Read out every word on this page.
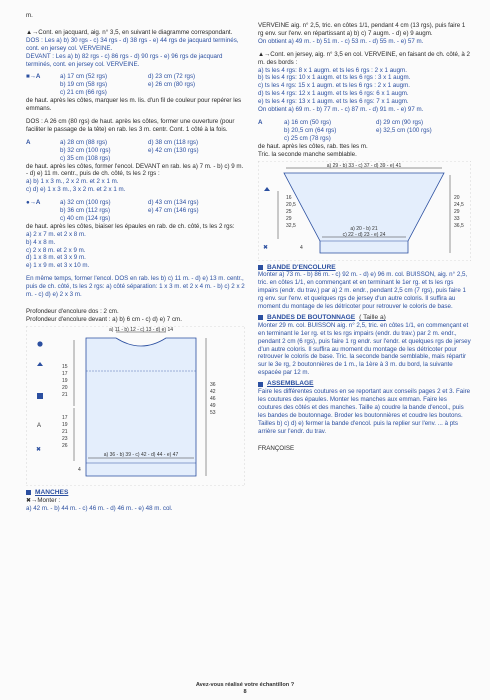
m.

▲→Cont. en jacquard, aig. n° 3,5, en suivant le diagramme correspondant.

DOS : Les a) b) 30 rgs - c) 34 rgs - d) 38 rgs - e) 44 rgs de jacquard terminés, cont. en jersey col. VERVEINE.

DEVANT : Les a) b) 82 rgs - c) 86 rgs - d) 90 rgs - e) 96 rgs de jacquard terminés, cont. en jersey col. VERVEINE.

■→A	a) 17 cm (52 rgs)	d) 23 cm (72 rgs)
b) 19 cm (58 rgs)	e) 26 cm (80 rgs)
c) 21 cm (66 rgs)

de haut. après les côtes, marquer les m. lis. d'un fil de couleur pour repérer les emmans.

DOS : A 26 cm (80 rgs) de haut. après les côtes, former une ouverture (pour faciliter le passage de la tête) en rab. les 3 m. centr. Cont. 1 côté à la fois.

A	a) 28 cm (88 rgs)	d) 38 cm (118 rgs)
b) 32 cm (100 rgs)	e) 42 cm (130 rgs)
c) 35 cm (108 rgs)

de haut. après les côtes, former l'encol. DEVANT en rab. les a) 7 m. - b) c) 9 m. - d) e) 11 m. centr., puis de ch. côté, ts les 2 rgs :

a) b) 1 x 3 m., 2 x 2 m. et 2 x 1 m.

c) d) e) 1 x 3 m., 3 x 2 m. et 2 x 1 m.

●→A	a) 32 cm (100 rgs)	d) 43 cm (134 rgs)
b) 36 cm (112 rgs)	e) 47 cm (146 rgs)
c) 40 cm (124 rgs)

de haut. après les côtes, biaiser les épaules en rab. de ch. côté, ts les 2 rgs:

a) 2 x 7 m. et 2 x 8 m.

b) 4 x 8 m.

c) 2 x 8 m. et 2 x 9 m.

d) 1 x 8 m. et 3 x 9 m.

e) 1 x 9 m. et 3 x 10 m.

En même temps, former l'encol. DOS en rab. les b) c) 11 m. - d) e) 13 m. centr., puis de ch. côté, ts les 2 rgs: a) côté séparation: 1 x 3 m. et 2 x 4 m. - b) c) 2 x 2 m. - c) d) e) 2 x 3 m.

Profondeur d'encolure dos : 2 cm.

Profondeur d'encolure devant : a) b) 6 cm - c) d) e) 7 cm.

a) 11 - b) 12 - c) 13 - d) e) 14
15
17
19
20
21
17
19
21
23
26
36
42
46
49
53
a) 36 - b) 39 - c) 42 - d) 44 - e) 47
4
A
✖
MANCHES

✖→Monter :

a) 42 m. - b) 44 m. - c) 46 m. - d) 46 m. - e) 48 m. col.

VERVEINE aig. n° 2,5, tric. en côtes 1/1, pendant 4 cm (13 rgs), puis faire 1 rg env. sur l'env. en répartissant a) b) c) 7 augm. - d) e) 9 augm.

On obtient a) 49 m. - b) 51 m. - c) 53 m. - d) 55 m. - e) 57 m.

▲→Cont. en jersey, aig. n° 3,5 en col. VERVEINE, en faisant de ch. côté, à 2 m. des bords :

a) ts les 4 rgs: 8 x 1 augm. et ts les 6 rgs : 2 x 1 augm.

b) ts les 4 rgs: 10 x 1 augm. et ts les 6 rgs : 3 x 1 augm.

c) ts les 4 rgs: 15 x 1 augm. et ts les 6 rgs : 2 x 1 augm.

d) ts les 4 rgs: 12 x 1 augm. et ts les 6 rgs: 6 x 1 augm.

e) ts les 4 rgs: 13 x 1 augm. et ts les 6 rgs: 7 x 1 augm.

On obtient a) 69 m. - b) 77 m. - c) 87 m. - d) 91 m. - e) 97 m.

A	a) 16 cm (50 rgs)	d) 29 cm (90 rgs)
b) 20,5 cm (64 rgs)	e) 32,5 cm (100 rgs)
c) 25 cm (78 rgs)

de haut. après les côtes, rab. ttes les m.

Tric. la seconde manche semblable.

a) 29 - b) 33 - c) 37 - d) 39 - e) 41
16
20,5
25
29
32,5
20
24,5
29
33
36,5
a) 20 - b) 21
c) 22 - d) 23 - e) 24
4
✖
BANDE D'ENCOLURE

Monter a) 73 m. - b) 86 m. - c) 92 m. - d) e) 96 m. col. BUISSON, aig. n° 2,5, tric. en côtes 1/1, en commençant et en terminant le 1er rg. et ts les rgs impairs (endr. du trav.) par a) 2 m. endr., pendant 2,5 cm (7 rgs), puis faire 1 rg env. sur l'env. et quelques rgs de jersey d'un autre coloris. Il suffira au moment du montage de les détricoter pour retrouver le coloris de base.

BANDES DE BOUTONNAGE ( Taille a)

Monter 29 m. col. BUISSON aig. n° 2,5, tric. en côtes 1/1, en commençant et en terminant le 1er rg. et ts les rgs impairs (endr. du trav.) par 2 m. endr., pendant 2 cm (6 rgs), puis faire 1 rg endr. sur l'endr. et quelques rgs de jersey d'un autre coloris. Il suffira au moment du montage de les détricoter pour retrouver le coloris de base. Tric. la seconde bande semblable, mais répartir sur le 3e rg, 2 boutonnières de 1 m., la 1ère à 3 m. du bord, la suivante espacée par 12 m.

ASSEMBLAGE

Faire les différentes coutures en se reportant aux conseils pages 2 et 3. Faire les coutures des épaules. Monter les manches aux emman. Faire les coutures des côtés et des manches. Taille a) coudre la bande d'encol., puis les bandes de boutonnage. Broder les boutonnières et coudre les boutons. Tailles b) c) d) e) fermer la bande d'encol. puis la replier sur l'env. ... à pts arrière sur l'endr. du trav.

FRANÇOISE

Avez-vous réalisé votre échantillon ?
8
